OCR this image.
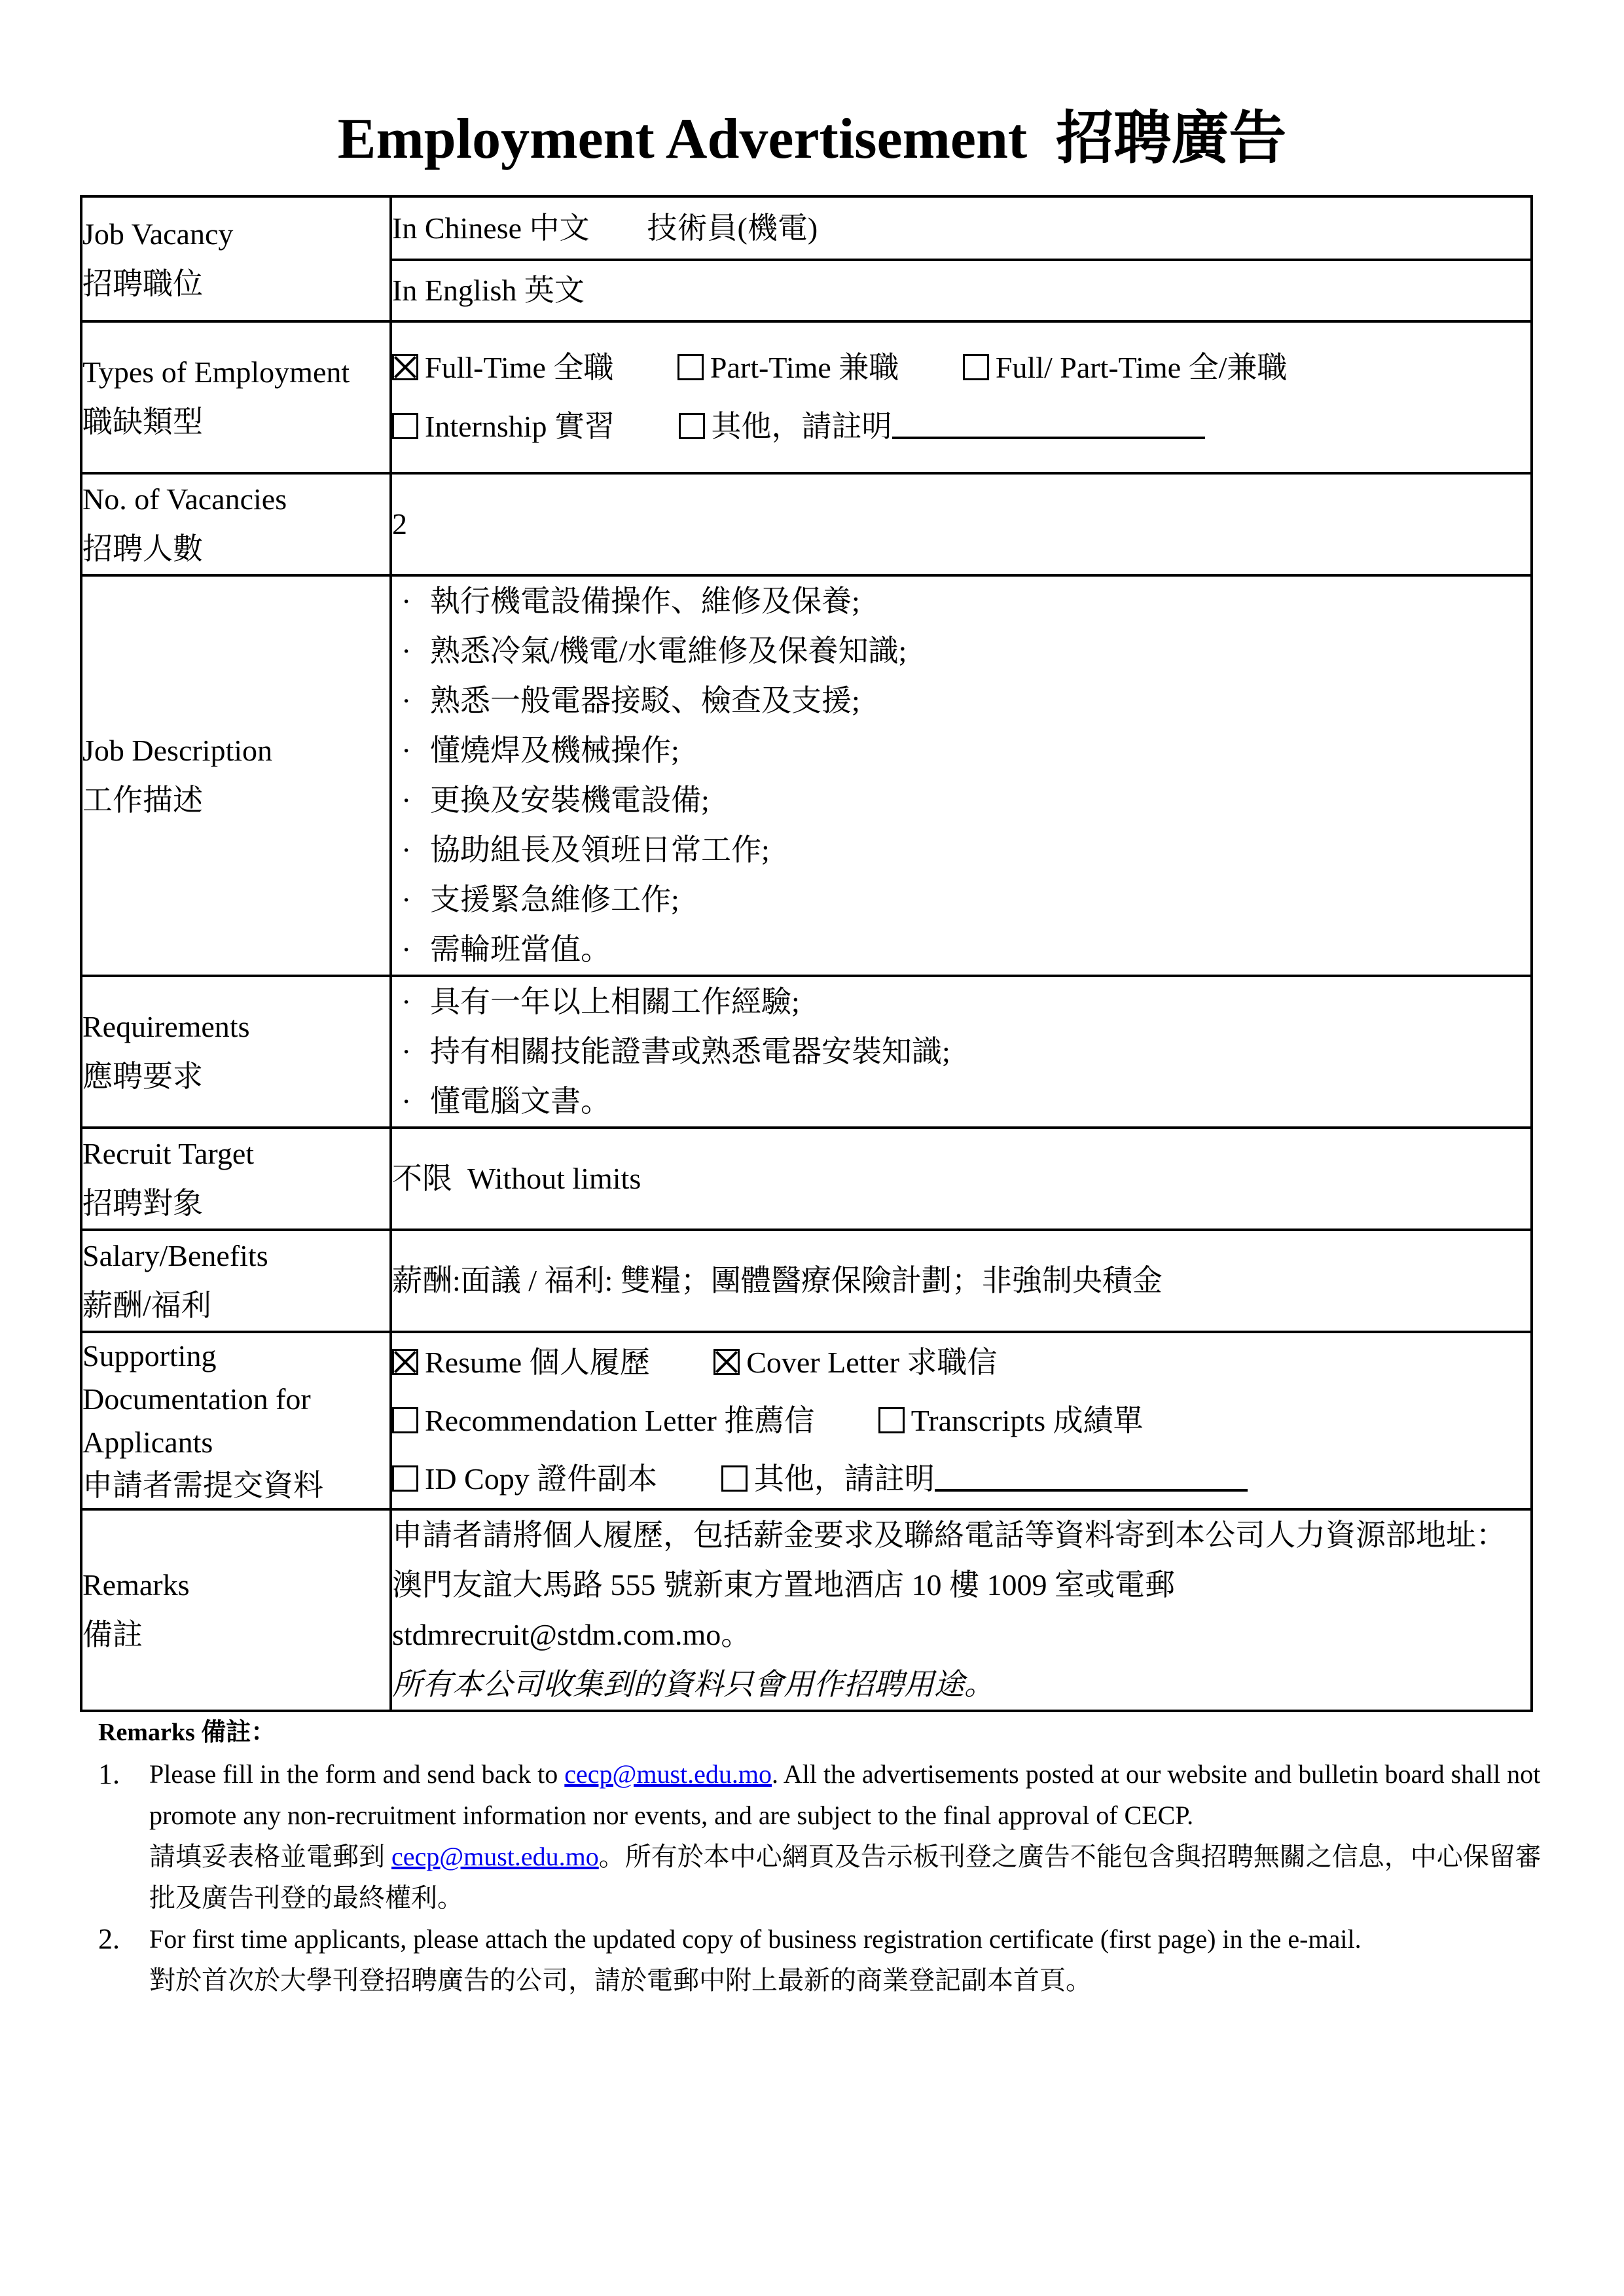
Employment Advertisement  招聘廣告
Job Vacancy
招聘職位	In Chinese 中文 技術員(機電)
	In English 英文

Types of Employment
職缺類型

Full-Time 全職	Part-Time 兼職	Full/ Part-Time 全/兼職
Internship 實習	其他，請註明

No. of Vacancies
招聘人數	2

Job Description
工作描述

· 執行機電設備操作、維修及保養;
· 熟悉冷氣/機電/水電維修及保養知識;
· 熟悉一般電器接駁、檢查及支援;
· 懂燒焊及機械操作;
· 更換及安裝機電設備;
· 協助組長及領班日常工作;
· 支援緊急維修工作;
· 需輪班當值。

Requirements
應聘要求

· 具有一年以上相關工作經驗;
· 持有相關技能證書或熟悉電器安裝知識;
· 懂電腦文書。

Recruit Target
招聘對象	不限  Without limits

Salary/Benefits
薪酬/福利	薪酬:面議 / 福利: 雙糧；團體醫療保險計劃；非強制央積金

Supporting Documentation for Applicants
申請者需提交資料

Resume 個人履歷	Cover Letter 求職信
Recommendation Letter 推薦信	Transcripts 成績單
ID Copy 證件副本	其他，請註明

Remarks
備註

申請者請將個人履歷，包括薪金要求及聯絡電話等資料寄到本公司人力資源部地址：
澳門友誼大馬路 555 號新東方置地酒店 10 樓 1009 室或電郵 stdmrecruit@stdm.com.mo。
所有本公司收集到的資料只會用作招聘用途。
Remarks 備註：
1.	Please fill in the form and send back to cecp@must.edu.mo. All the advertisements posted at our website and bulletin board shall not promote any non-recruitment information nor events, and are subject to the final approval of CECP.
請填妥表格並電郵到 cecp@must.edu.mo。所有於本中心網頁及告示板刊登之廣告不能包含與招聘無關之信息，中心保留審批及廣告刊登的最終權利。
2.	For first time applicants, please attach the updated copy of business registration certificate (first page) in the e-mail.
對於首次於大學刊登招聘廣告的公司，請於電郵中附上最新的商業登記副本首頁。
